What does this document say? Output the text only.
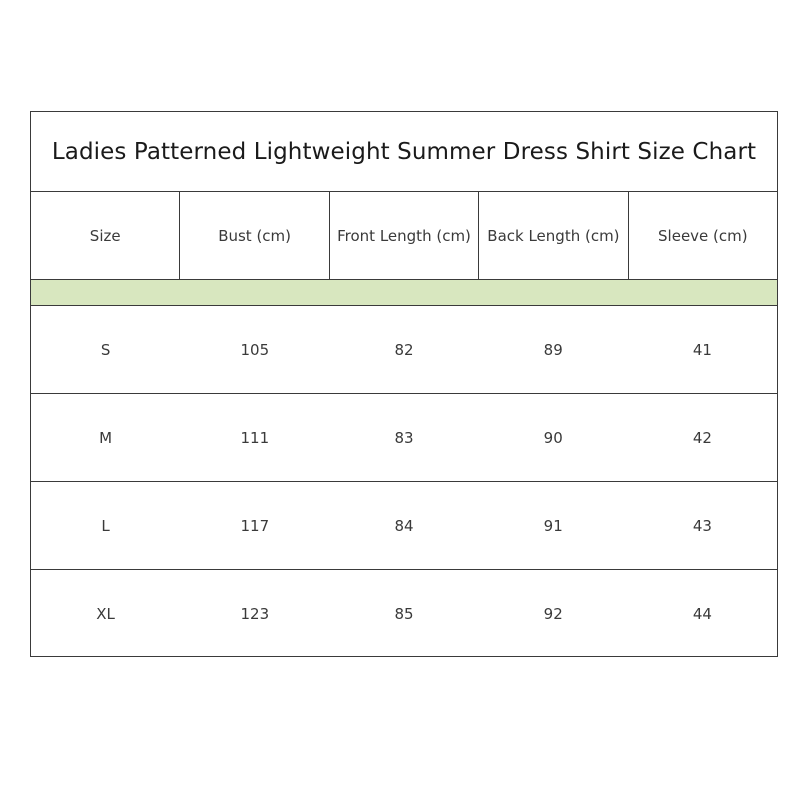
Ladies Patterned Lightweight Summer Dress Shirt Size Chart
Size	Bust (cm)	Front Length (cm)	Back Length (cm)	Sleeve (cm)
S	105	82	89	41
M	111	83	90	42
L	117	84	91	43
XL	123	85	92	44
